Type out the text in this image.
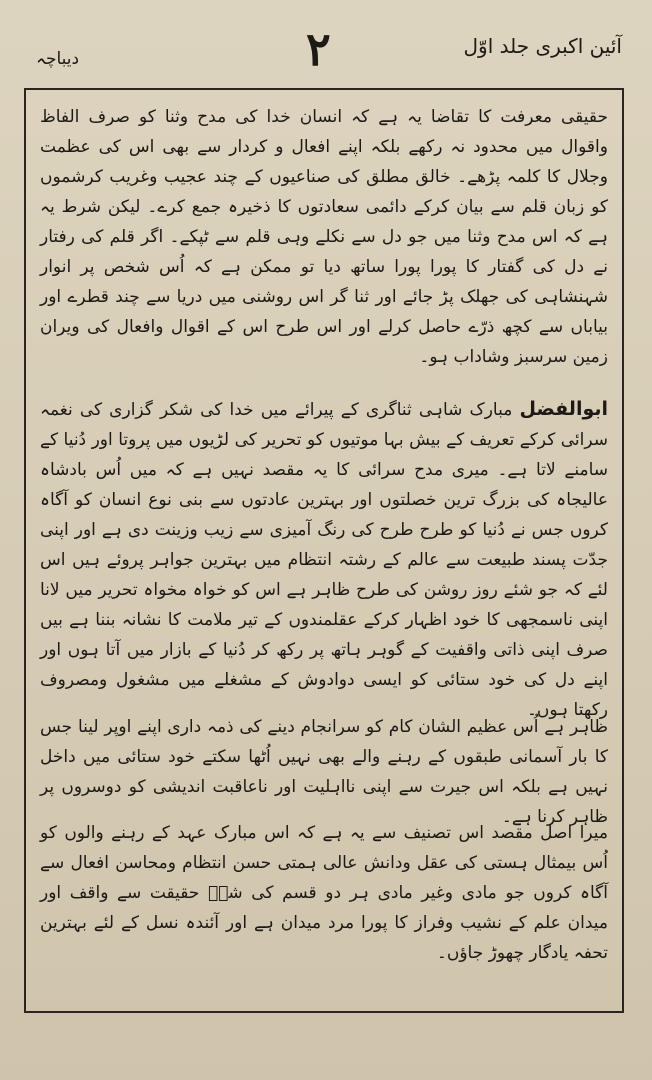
دیباچہ	۲	آئین اکبری جلد اوّل

حقیقی معرفت کا تقاضا یہ ہے کہ انسان خدا کی مدح وثنا کو صرف الفاظ واقوال میں محدود نہ رکھے بلکہ اپنے افعال و کردار سے بھی اس کی عظمت وجلال کا کلمہ پڑھے۔ خالق مطلق کی صناعیوں کے چند عجیب وغریب کرشموں کو زبان قلم سے بیان کرکے دائمی سعادتوں کا ذخیرہ جمع کرے۔ لیکن شرط یہ ہے کہ اس مدح وثنا میں جو دل سے نکلے وہی قلم سے ٹپکے۔ اگر قلم کی رفتار نے دل کی گفتار کا پورا پورا ساتھ دیا تو ممکن ہے کہ اُس شخص پر انوار شہنشاہی کی جھلک پڑ جائے اور ثنا گر اس روشنی میں دریا سے چند قطرے اور بیاباں سے کچھ ذرّے حاصل کرلے اور اس طرح اس کے اقوال وافعال کی ویران زمین سرسبز وشاداب ہو۔

ابوالفضل مبارک شاہی ثناگری کے پیرائے میں خدا کی شکر گزاری کی نغمہ سرائی کرکے تعریف کے بیش بہا موتیوں کو تحریر کی لڑیوں میں پروتا اور دُنیا کے سامنے لاتا ہے۔ میری مدح سرائی کا یہ مقصد نہیں ہے کہ میں اُس بادشاہ عالیجاہ کی بزرگ ترین خصلتوں اور بہترین عادتوں سے بنی نوع انسان کو آگاہ کروں جس نے دُنیا کو طرح طرح کی رنگ آمیزی سے زیب وزینت دی ہے اور اپنی جدّت پسند طبیعت سے عالم کے رشتہ انتظام میں بہترین جواہر پروئے ہیں اس لئے کہ جو شئے روز روشن کی طرح ظاہر ہے اس کو خواہ مخواہ تحریر میں لانا اپنی ناسمجھی کا خود اظہار کرکے عقلمندوں کے تیر ملامت کا نشانہ بننا ہے بیں صرف اپنی ذاتی واقفیت کے گوہر ہاتھ پر رکھ کر دُنیا کے بازار میں آتا ہوں اور اپنے دل کی خود ستائی کو ایسی دوادوش کے مشغلے میں مشغول ومصروف رکھتا ہوں۔

ظاہر ہے اُس عظیم الشان کام کو سرانجام دینے کی ذمہ داری اپنے اوپر لینا جس کا بار آسمانی طبقوں کے رہنے والے بھی نہیں اُٹھا سکتے خود ستائی میں داخل نہیں ہے بلکہ اس جیرت سے اپنی نااہلیت اور ناعاقبت اندیشی کو دوسروں پر ظاہر کرنا ہے۔

میرا اصل مقصد اس تصنیف سے یہ ہے کہ اس مبارک عہد کے رہنے والوں کو اُس بیمثال ہستی کی عقل ودانش عالی ہمتی حسن انتظام ومحاسن افعال سے آگاہ کروں جو مادی وغیر مادی ہر دو قسم کی شےؔ حقیقت سے واقف اور میدان علم کے نشیب وفراز کا پورا مرد میدان ہے اور آئندہ نسل کے لئے بہترین تحفہ یادگار چھوڑ جاؤں۔
